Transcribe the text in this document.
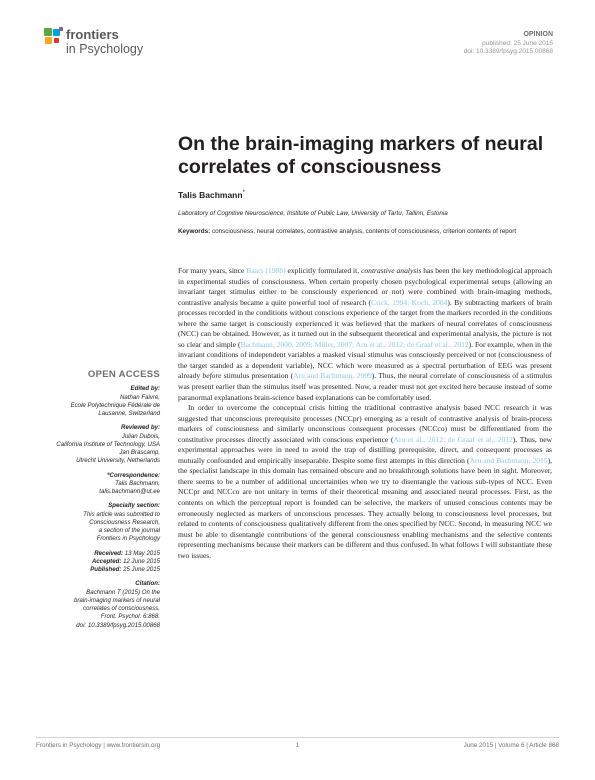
frontiers
in Psychology
OPINION
published: 25 June 2015
doi: 10.3389/fpsyg.2015.00868
On the brain-imaging markers of neural correlates of consciousness
Talis Bachmann*
Laboratory of Cognitive Neuroscience, Institute of Public Law, University of Tartu, Tallinn, Estonia
Keywords: consciousness, neural correlates, contrastive analysis, contents of consciousness, criterion contents of report

For many years, since Baars (1988) explicitly formulated it, contrastive analysis has been the key methodological approach in experimental studies of consciousness. When certain properly chosen psychological experimental setups (allowing an invariant target stimulus either to be consciously experienced or not) were combined with brain-imaging methods, contrastive analysis became a quite powerful tool of research (Crick, 1994; Koch, 2004). By subtracting markers of brain processes recorded in the conditions without conscious experience of the target from the markers recorded in the conditions where the same target is consciously experienced it was believed that the markers of neural correlates of consciousness (NCC) can be obtained. However, as it turned out in the subsequent theoretical and experimental analysis, the picture is not so clear and simple (Bachmann, 2000, 2009; Miller, 2007; Aru et al., 2012; de Graaf et al., 2012). For example, when in the invariant conditions of independent variables a masked visual stimulus was consciously perceived or not (consciousness of the target standed as a dependent variable), NCC which were measured as a spectral perturbation of EEG was present already before stimulus presentation (Aru and Bachmann, 2009). Thus, the neural correlate of consciousness of a stimulus was present earlier than the stimulus itself was presented. Now, a reader must not get excited here because instead of some paranormal explanations brain-science based explanations can be comfortably used.

In order to overcome the conceptual crisis hitting the traditional contrastive analysis based NCC research it was suggested that unconscious prerequisite processes (NCCpr) emerging as a result of contrastive analysis of brain-process markers of consciousness and similarly unconscious consequent processes (NCCco) must be differentiated from the constitutive processes directly associated with conscious experience (Aru et al., 2012; de Graaf et al., 2012). Thus, new experimental approaches were in need to avoid the trap of distilling prerequisite, direct, and consequent processes as mutually confounded and empirically inseparable. Despite some first attempts in this direction (Aru and Bachmann, 2015), the specialist landscape in this domain has remained obscure and no breakthrough solutions have been in sight. Moreover, there seems to be a number of additional uncertainties when we try to disentangle the various sub-types of NCC. Even NCCpr and NCCco are not unitary in terms of their theoretical meaning and associated neural processes. First, as the contents on which the perceptual report is founded can be selective, the markers of unused conscious contents may be erroneously neglected as markers of unconscious processes. They actually belong to consciousness level processes, but related to contents of consciousness qualitatively different from the ones specified by NCC. Second, in measuring NCC we must be able to disentangle contributions of the general consciousness enabling mechanisms and the selective contents representing mechanisms because their markers can be different and thus confused. In what follows I will substantiate these two issues.

OPEN ACCESS
Edited by:
Nathan Faivre,
Ecole Polytechnique Fédérale de
Lausanne, Switzerland
Reviewed by:
Julian Dubois,
California Institute of Technology, USA
Jan Brascamp,
Utrecht University, Netherlands
*Correspondence:
Talis Bachmann,
talis.bachmann@ut.ee
Specialty section:
This article was submitted to
Consciousness Research,
a section of the journal
Frontiers in Psychology
Received: 13 May 2015
Accepted: 12 June 2015
Published: 25 June 2015
Citation:
Bachmann T (2015) On the
brain-imaging markers of neural
correlates of consciousness.
Front. Psychol. 6:868.
doi: 10.3389/fpsyg.2015.00868
Frontiers in Psychology | www.frontiersin.org	1	June 2015 | Volume 6 | Article 868
